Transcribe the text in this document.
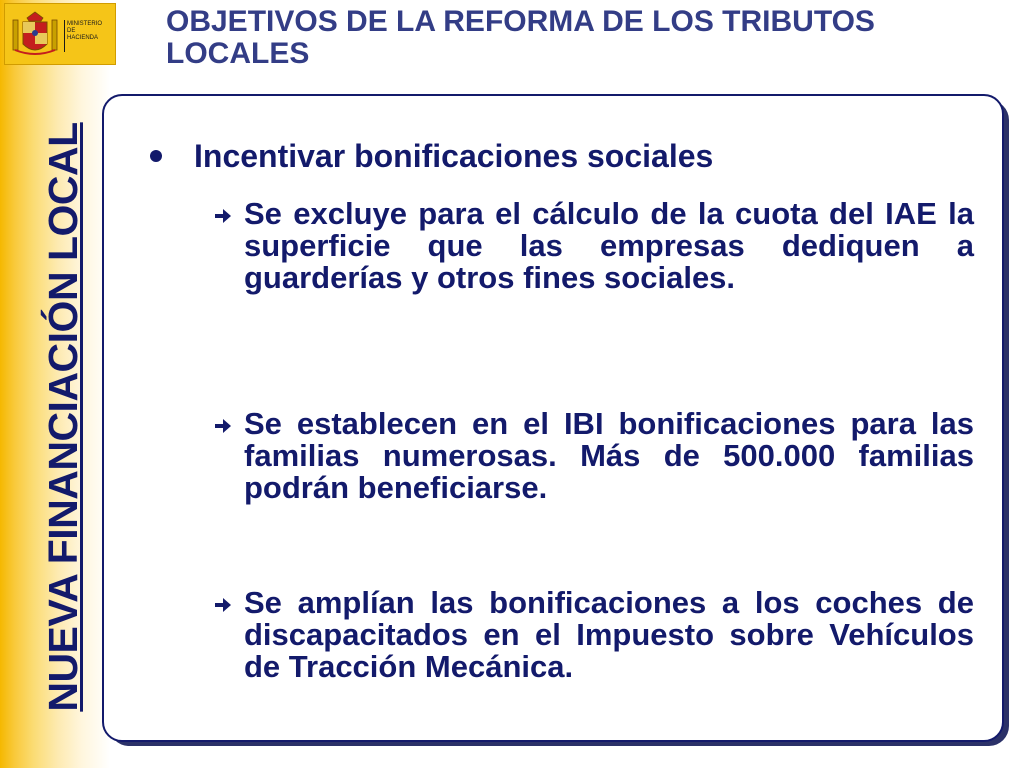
MINISTERIO
DE
HACIENDA
NUEVA FINANCIACIÓN LOCAL
OBJETIVOS DE LA REFORMA DE LOS TRIBUTOS LOCALES
Incentivar bonificaciones sociales
Se excluye para el cálculo de la cuota del IAE la superficie que las empresas dediquen a guarderías y otros fines sociales.
Se establecen en el IBI bonificaciones para las familias numerosas. Más de 500.000 familias podrán beneficiarse.
Se amplían las bonificaciones a los coches de discapacitados en el Impuesto sobre Vehículos de Tracción Mecánica.
